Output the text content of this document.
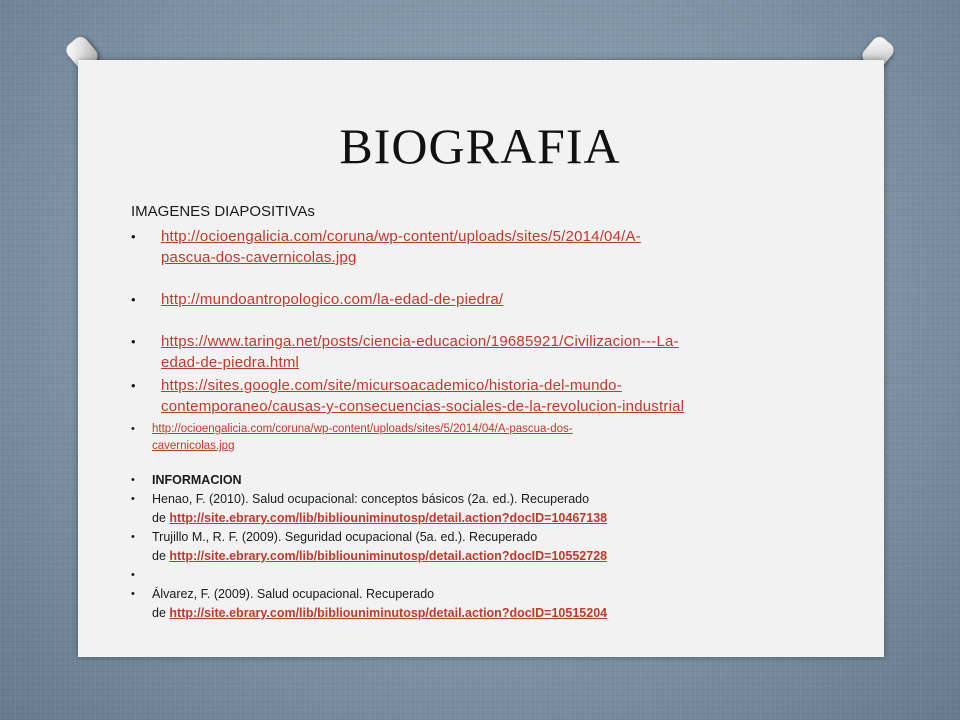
BIOGRAFIA
IMAGENES DIAPOSITIVAs
• http://ocioengalicia.com/coruna/wp-content/uploads/sites/5/2014/04/A-
pascua-dos-cavernicolas.jpg
• http://mundoantropologico.com/la-edad-de-piedra/
• https://www.taringa.net/posts/ciencia-educacion/19685921/Civilizacion---La-
edad-de-piedra.html
• https://sites.google.com/site/micursoacademico/historia-del-mundo-
contemporaneo/causas-y-consecuencias-sociales-de-la-revolucion-industrial
• http://ocioengalicia.com/coruna/wp-content/uploads/sites/5/2014/04/A-pascua-dos-
cavernicolas.jpg
• INFORMACION
• Henao, F. (2010). Salud ocupacional: conceptos básicos (2a. ed.). Recuperado
de http://site.ebrary.com/lib/bibliouniminutosp/detail.action?docID=10467138
• Trujillo M., R. F. (2009). Seguridad ocupacional (5a. ed.). Recuperado
de http://site.ebrary.com/lib/bibliouniminutosp/detail.action?docID=10552728
•

• Álvarez, F. (2009). Salud ocupacional. Recuperado
de http://site.ebrary.com/lib/bibliouniminutosp/detail.action?docID=10515204
